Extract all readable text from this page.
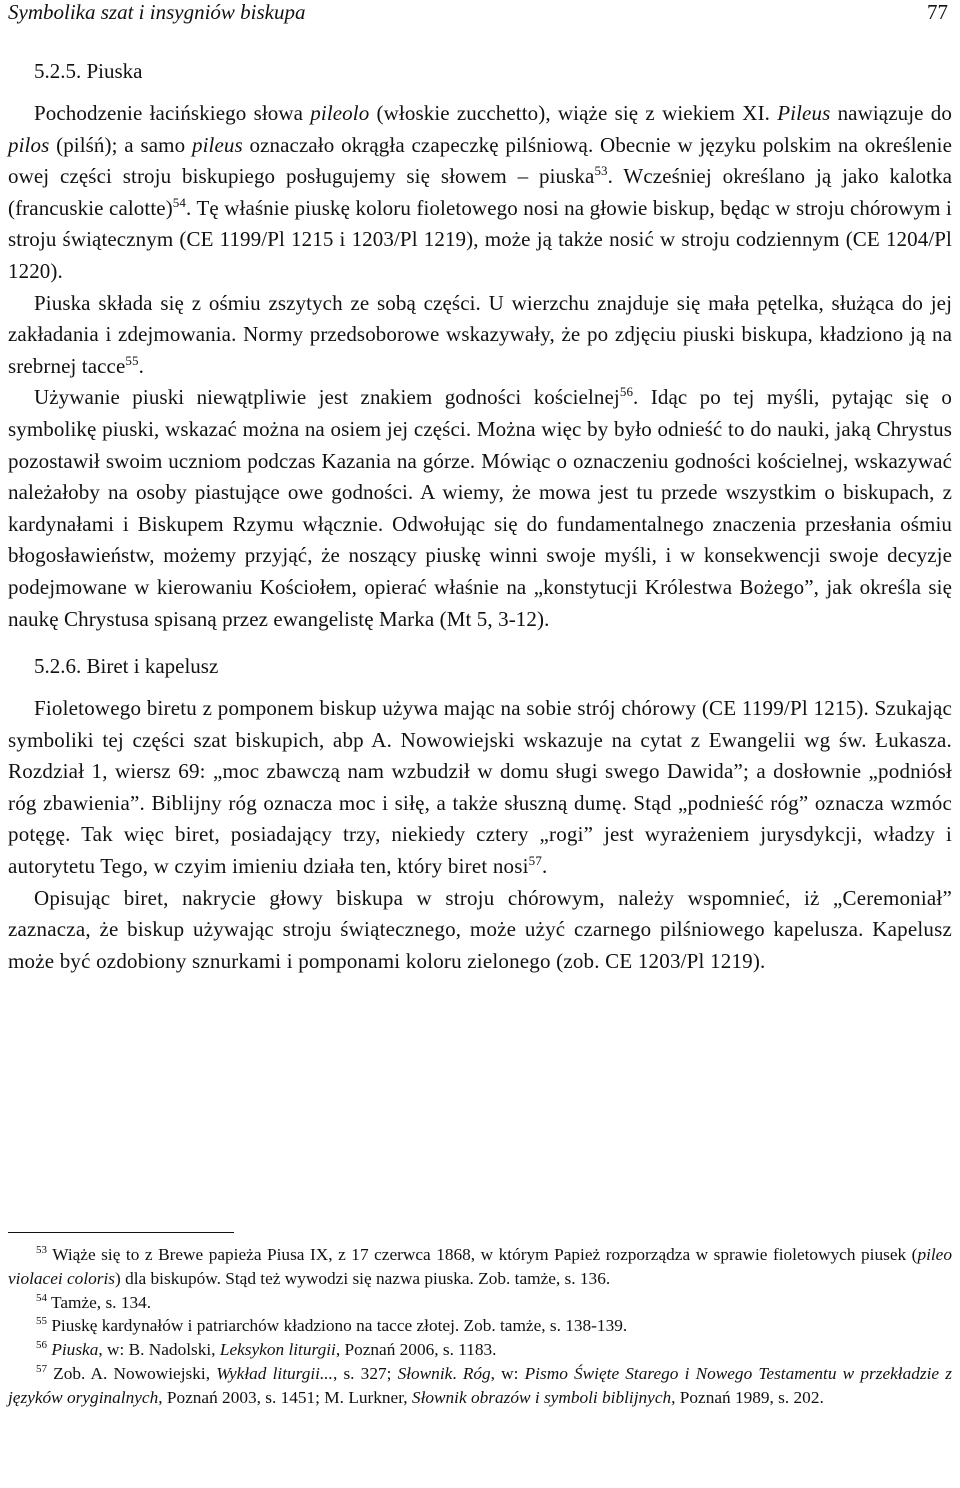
Symbolika szat i insygniów biskupa	77
5.2.5. Piuska

Pochodzenie łacińskiego słowa pileolo (włoskie zucchetto), wiąże się z wiekiem XI. Pileus nawiązuje do pilos (pilśń); a samo pileus oznaczało okrągła czapeczkę pilśniową. Obecnie w języku polskim na określenie owej części stroju biskupiego posługujemy się słowem – piuska$^{53}$. Wcześniej określano ją jako kalotka (francuskie calotte)$^{54}$. Tę właśnie piuskę koloru fioletowego nosi na głowie biskup, będąc w stroju chórowym i stroju świątecznym (CE 1199/Pl 1215 i 1203/Pl 1219), może ją także nosić w stroju codziennym (CE 1204/Pl 1220).

Piuska składa się z ośmiu zszytych ze sobą części. U wierzchu znajduje się mała pętelka, służąca do jej zakładania i zdejmowania. Normy przedsoborowe wskazywały, że po zdjęciu piuski biskupa, kładziono ją na srebrnej tacce$^{55}$.

Używanie piuski niewątpliwie jest znakiem godności kościelnej$^{56}$. Idąc po tej myśli, pytając się o symbolikę piuski, wskazać można na osiem jej części. Można więc by było odnieść to do nauki, jaką Chrystus pozostawił swoim uczniom podczas Kazania na górze. Mówiąc o oznaczeniu godności kościelnej, wskazywać należałoby na osoby piastujące owe godności. A wiemy, że mowa jest tu przede wszystkim o biskupach, z kardynałami i Biskupem Rzymu włącznie. Odwołując się do fundamentalnego znaczenia przesłania ośmiu błogosławieństw, możemy przyjąć, że noszący piuskę winni swoje myśli, i w konsekwencji swoje decyzje podejmowane w kierowaniu Kościołem, opierać właśnie na „konstytucji Królestwa Bożego”, jak określa się naukę Chrystusa spisaną przez ewangelistę Marka (Mt 5, 3-12).

5.2.6. Biret i kapelusz

Fioletowego biretu z pomponem biskup używa mając na sobie strój chórowy (CE 1199/Pl 1215). Szukając symboliki tej części szat biskupich, abp A. Nowowiejski wskazuje na cytat z Ewangelii wg św. Łukasza. Rozdział 1, wiersz 69: „moc zbawczą nam wzbudził w domu sługi swego Dawida”; a dosłownie „podniósł róg zbawienia”. Biblijny róg oznacza moc i siłę, a także słuszną dumę. Stąd „podnieść róg” oznacza wzmóc potęgę. Tak więc biret, posiadający trzy, niekiedy cztery „rogi” jest wyrażeniem jurysdykcji, władzy i autorytetu Tego, w czyim imieniu działa ten, który biret nosi$^{57}$.

Opisując biret, nakrycie głowy biskupa w stroju chórowym, należy wspomnieć, iż „Ceremoniał” zaznacza, że biskup używając stroju świątecznego, może użyć czarnego pilśniowego kapelusza. Kapelusz może być ozdobiony sznurkami i pomponami koloru zielonego (zob. CE 1203/Pl 1219).

$^{53}$ Wiąże się to z Brewe papieża Piusa IX, z 17 czerwca 1868, w którym Papież rozporządza w sprawie fioletowych piusek (pileo violacei coloris) dla biskupów. Stąd też wywodzi się nazwa piuska. Zob. tamże, s. 136.

$^{54}$ Tamże, s. 134.

$^{55}$ Piuskę kardynałów i patriarchów kładziono na tacce złotej. Zob. tamże, s. 138-139.

$^{56}$ Piuska, w: B. Nadolski, Leksykon liturgii, Poznań 2006, s. 1183.

$^{57}$ Zob. A. Nowowiejski, Wykład liturgii..., s. 327; Słownik. Róg, w: Pismo Święte Starego i Nowego Testamentu w przekładzie z języków oryginalnych, Poznań 2003, s. 1451; M. Lurkner, Słownik obrazów i symboli biblijnych, Poznań 1989, s. 202.
